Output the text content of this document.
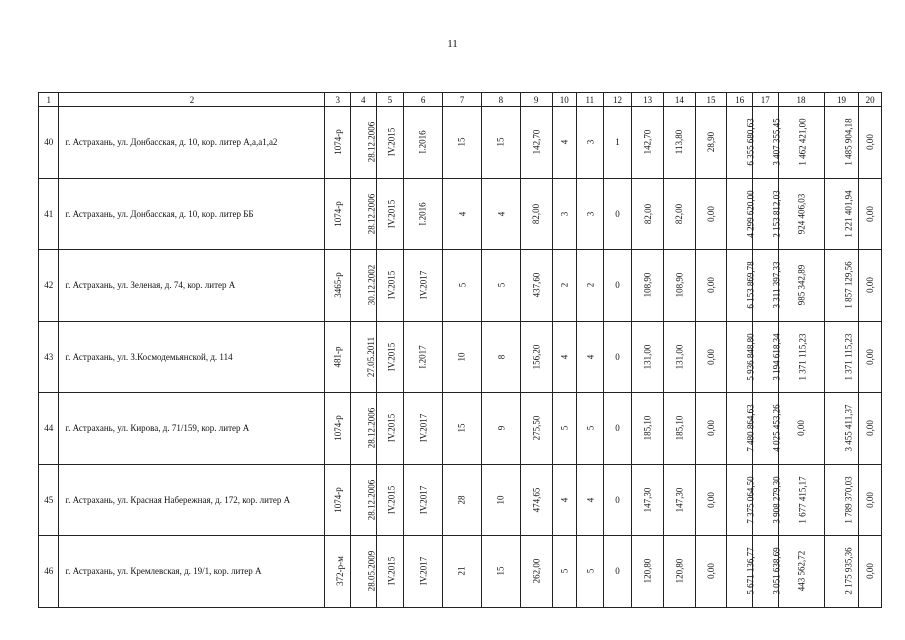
11
1	2	3	4	5	6	7	8	9	10	11	12	13	14	15	16	17	18	19	20
40	г. Астрахань, ул. Донбасская, д. 10, кор. литер А,а,а1,а2	1074-р	28.12.2006	IV.2015	I.2016	15	15	142,70	4	3	1	142,70	113,80	28,90	6 355 680,63	3 407 355,45	1 462 421,00	1 485 904,18	0,00
41	г. Астрахань, ул. Донбасская, д. 10, кор. литер ББ	1074-р	28.12.2006	IV.2015	I.2016	4	4	82,00	3	3	0	82,00	82,00	0,00	4 299 620,00	2 153 812,03	924 406,03	1 221 401,94	0,00
42	г. Астрахань, ул. Зеленая, д. 74, кор. литер А	3465-р	30.12.2002	IV.2015	IV.2017	5	5	437,60	2	2	0	108,90	108,90	0,00	6 153 869,78	3 311 397,33	985 342,89	1 857 129,56	0,00
43	г. Астрахань, ул. З.Космодемьянской, д. 114	481-р	27.05.2011	IV.2015	I.2017	10	8	156,20	4	4	0	131,00	131,00	0,00	5 936 848,80	3 194 618,34	1 371 115,23	1 371 115,23	0,00
44	г. Астрахань, ул. Кирова, д. 71/159, кор. литер А	1074-р	28.12.2006	IV.2015	IV.2017	15	9	275,50	5	5	0	185,10	185,10	0,00	7 480 864,63	4 025 453,26	0,00	3 455 411,37	0,00
45	г. Астрахань, ул. Красная Набережная, д. 172, кор. литер А	1074-р	28.12.2006	IV.2015	IV.2017	28	10	474,65	4	4	0	147,30	147,30	0,00	7 375 064,50	3 908 279,30	1 677 415,17	1 789 370,03	0,00
46	г. Астрахань, ул. Кремлевская, д. 19/1, кор. литер А	372-р-м	28.05.2009	IV.2015	IV.2017	21	15	262,00	5	5	0	120,80	120,80	0,00	5 671 136,77	3 051 638,69	443 562,72	2 175 935,36	0,00
